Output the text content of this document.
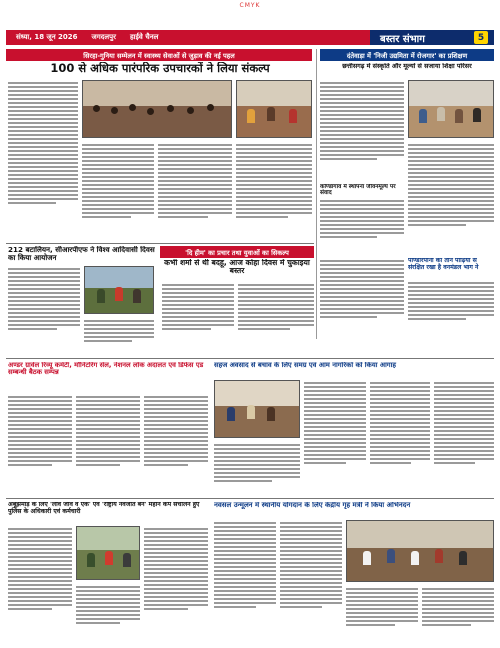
CMYK
संध्या, 18 जून 2026 जगदलपुर हाईवे चैनल	बस्तर संभाग	5
सिरहा-गुनिया सम्मेलन में स्वास्थ्य सेवाओं से जुड़ाव की नई पहल
100 से अधिक पारंपरिक उपचारकों ने लिया संकल्प
दंतेवाड़ा में 'निजी उद्यमिता में रोजगार' का प्रशिक्षण
छत्तीसगढ़ में संस्कृति और मूल्यों से सजाया शिक्षा परिसर
कोण्डागांव में स्थापना जीवनमूल्य पर संवाद
पाण्डेरिपानी को तीन पीढ़ियों से संरक्षित रखा है वनमंडल भाग ने
212 बटालियन, सीआरपीएफ ने विश्व आदिवासी दिवस का किया आयोजन
'दि हीम' का प्रचार तथा युवाओं का सिकल्प
कभी शर्मो से थी बदहू, आज कोहा दिवस में चुकाइया बस्तर
अण्डर ग्रावेल रिव्यू कमेटी, मॉनिटरिंग सेल, नेशनल लोक अदालत एवं डिफेंस एड सम्बन्धी बैठक सम्पन्न
सहज अवसाद से बचाव के लिए समग्र एवं आम नागरिकों को किया आगाह
अबूझमाड़ के लिए 'लवि जीव व एक' एवं 'राष्ट्रीय नवजात बने' महान कैप संचालन हुए पुलिस के अधिकारी एवं कर्मचारी
नवसल उन्मूलन में स्थानीय योगदान के लिए केंद्रीय गृह मंत्री ने किया अभिनंदन
